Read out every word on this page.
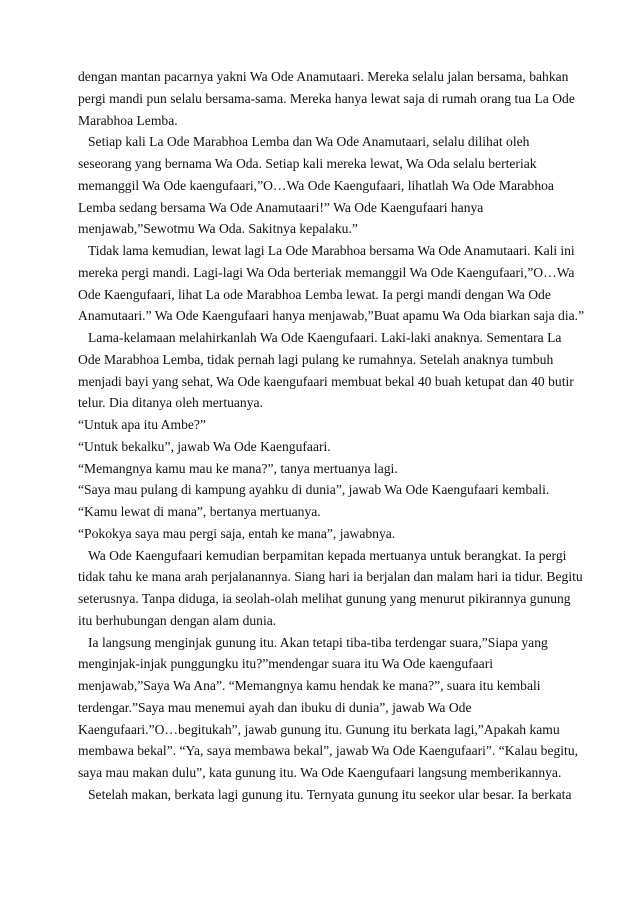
dengan mantan pacarnya yakni Wa Ode Anamutaari. Mereka selalu jalan bersama, bahkan
pergi mandi pun selalu bersama-sama. Mereka hanya lewat saja di rumah orang tua La Ode
Marabhoa Lemba.
Setiap kali La Ode Marabhoa Lemba dan Wa Ode Anamutaari, selalu dilihat oleh
seseorang yang bernama Wa Oda. Setiap kali mereka lewat, Wa Oda selalu berteriak
memanggil Wa Ode kaengufaari,”O…Wa Ode Kaengufaari, lihatlah Wa Ode Marabhoa
Lemba sedang bersama Wa Ode Anamutaari!” Wa Ode Kaengufaari hanya
menjawab,”Sewotmu Wa Oda. Sakitnya kepalaku.”
Tidak lama kemudian, lewat lagi La Ode Marabhoa bersama Wa Ode Anamutaari. Kali ini
mereka pergi mandi. Lagi-lagi Wa Oda berteriak memanggil Wa Ode Kaengufaari,”O…Wa
Ode Kaengufaari, lihat La ode Marabhoa Lemba lewat. Ia pergi mandi dengan Wa Ode
Anamutaari.” Wa Ode Kaengufaari hanya menjawab,”Buat apamu Wa Oda biarkan saja dia.”
Lama-kelamaan melahirkanlah Wa Ode Kaengufaari. Laki-laki anaknya. Sementara La
Ode Marabhoa Lemba, tidak pernah lagi pulang ke rumahnya. Setelah anaknya tumbuh
menjadi bayi yang sehat, Wa Ode kaengufaari membuat bekal 40 buah ketupat dan 40 butir
telur. Dia ditanya oleh mertuanya.
“Untuk apa itu Ambe?”
“Untuk bekalku”, jawab Wa Ode Kaengufaari.
“Memangnya kamu mau ke mana?”, tanya mertuanya lagi.
“Saya mau pulang di kampung ayahku di dunia”, jawab Wa Ode Kaengufaari kembali.
“Kamu lewat di mana”, bertanya mertuanya.
“Pokokya saya mau pergi saja, entah ke mana”, jawabnya.
Wa Ode Kaengufaari kemudian berpamitan kepada mertuanya untuk berangkat. Ia pergi
tidak tahu ke mana arah perjalanannya. Siang hari ia berjalan dan malam hari ia tidur. Begitu
seterusnya. Tanpa diduga, ia seolah-olah melihat gunung yang menurut pikirannya gunung
itu berhubungan dengan alam dunia.
Ia langsung menginjak gunung itu. Akan tetapi tiba-tiba terdengar suara,”Siapa yang
menginjak-injak punggungku itu?”mendengar suara itu Wa Ode kaengufaari
menjawab,”Saya Wa Ana”. “Memangnya kamu hendak ke mana?”, suara itu kembali
terdengar.”Saya mau menemui ayah dan ibuku di dunia”, jawab Wa Ode
Kaengufaari.”O…begitukah”, jawab gunung itu. Gunung itu berkata lagi,”Apakah kamu
membawa bekal”. “Ya, saya membawa bekal”, jawab Wa Ode Kaengufaari”. “Kalau begitu,
saya mau makan dulu”, kata gunung itu. Wa Ode Kaengufaari langsung memberikannya.
Setelah makan, berkata lagi gunung itu. Ternyata gunung itu seekor ular besar. Ia berkata
